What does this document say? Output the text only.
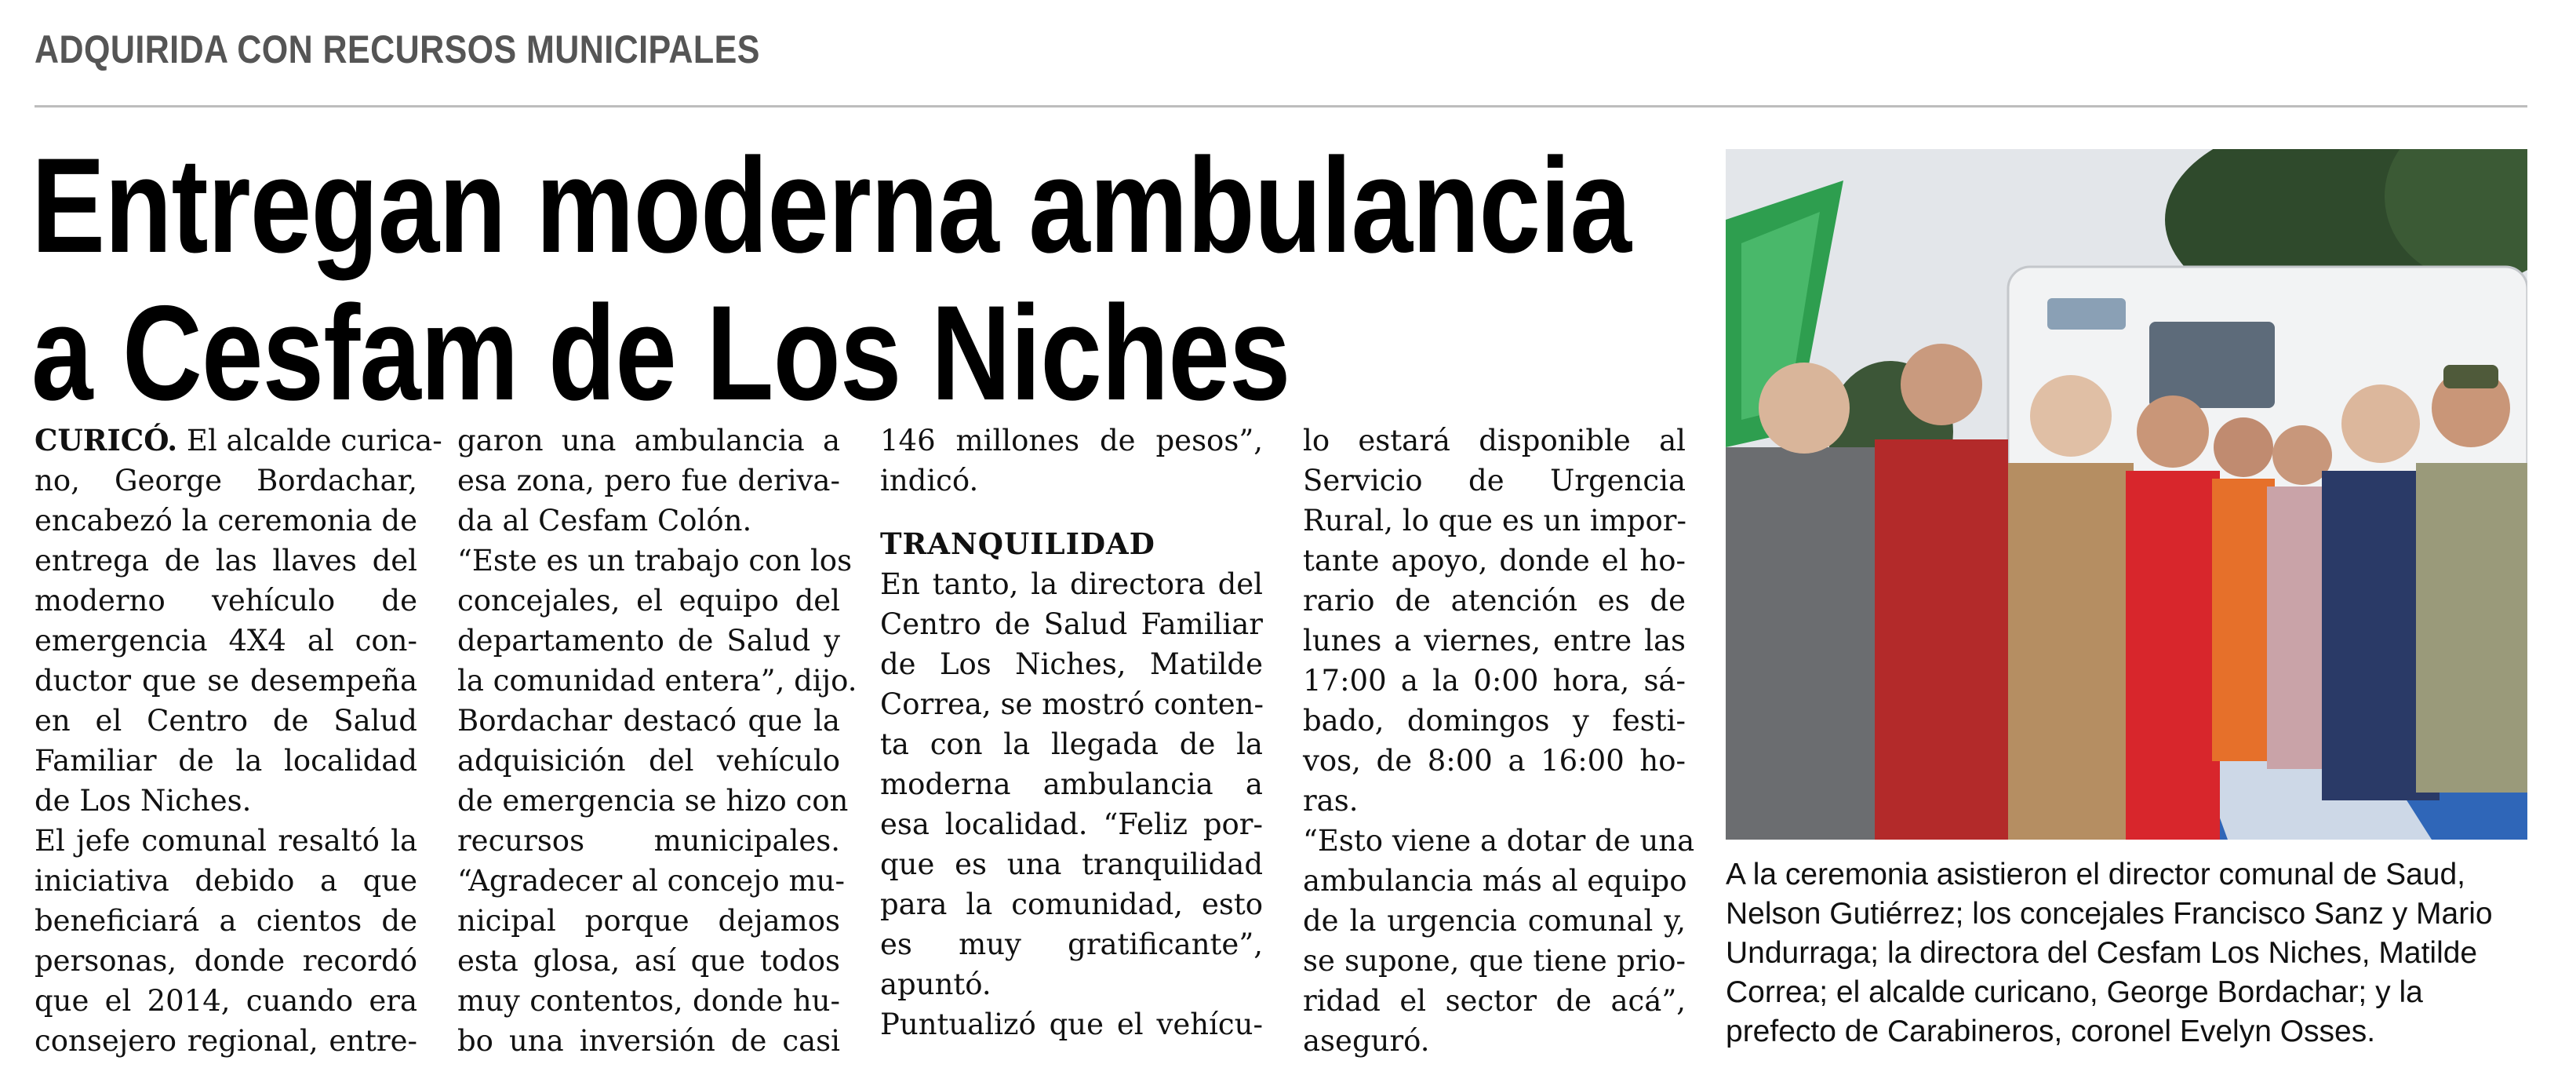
ADQUIRIDA CON RECURSOS MUNICIPALES
Entregan moderna ambulancia
a Cesfam de Los Niches
CURICÓ. El alcalde curica-
no, George Bordachar,
encabezó la ceremonia de
entrega de las llaves del
moderno vehículo de
emergencia 4X4 al con-
ductor que se desempeña
en el Centro de Salud
Familiar de la localidad
de Los Niches.
El jefe comunal resaltó la
iniciativa debido a que
beneficiará a cientos de
personas, donde recordó
que el 2014, cuando era
consejero regional, entre-
garon una ambulancia a
esa zona, pero fue deriva-
da al Cesfam Colón.
“Este es un trabajo con los
concejales, el equipo del
departamento de Salud y
la comunidad entera”, dijo.
Bordachar destacó que la
adquisición del vehículo
de emergencia se hizo con
recursos municipales.
“Agradecer al concejo mu-
nicipal porque dejamos
esta glosa, así que todos
muy contentos, donde hu-
bo una inversión de casi
146 millones de pesos”,
indicó.
TRANQUILIDAD
En tanto, la directora del
Centro de Salud Familiar
de Los Niches, Matilde
Correa, se mostró conten-
ta con la llegada de la
moderna ambulancia a
esa localidad. “Feliz por-
que es una tranquilidad
para la comunidad, esto
es muy gratificante”,
apuntó.
Puntualizó que el vehícu-
lo estará disponible al
Servicio de Urgencia
Rural, lo que es un impor-
tante apoyo, donde el ho-
rario de atención es de
lunes a viernes, entre las
17:00 a la 0:00 hora, sá-
bado, domingos y festi-
vos, de 8:00 a 16:00 ho-
ras.
“Esto viene a dotar de una
ambulancia más al equipo
de la urgencia comunal y,
se supone, que tiene prio-
ridad el sector de acá”,
aseguró.
A la ceremonia asistieron el director comunal de Saud,
Nelson Gutiérrez; los concejales Francisco Sanz y Mario
Undurraga; la directora del Cesfam Los Niches, Matilde
Correa; el alcalde curicano, George Bordachar; y la
prefecto de Carabineros, coronel Evelyn Osses.
